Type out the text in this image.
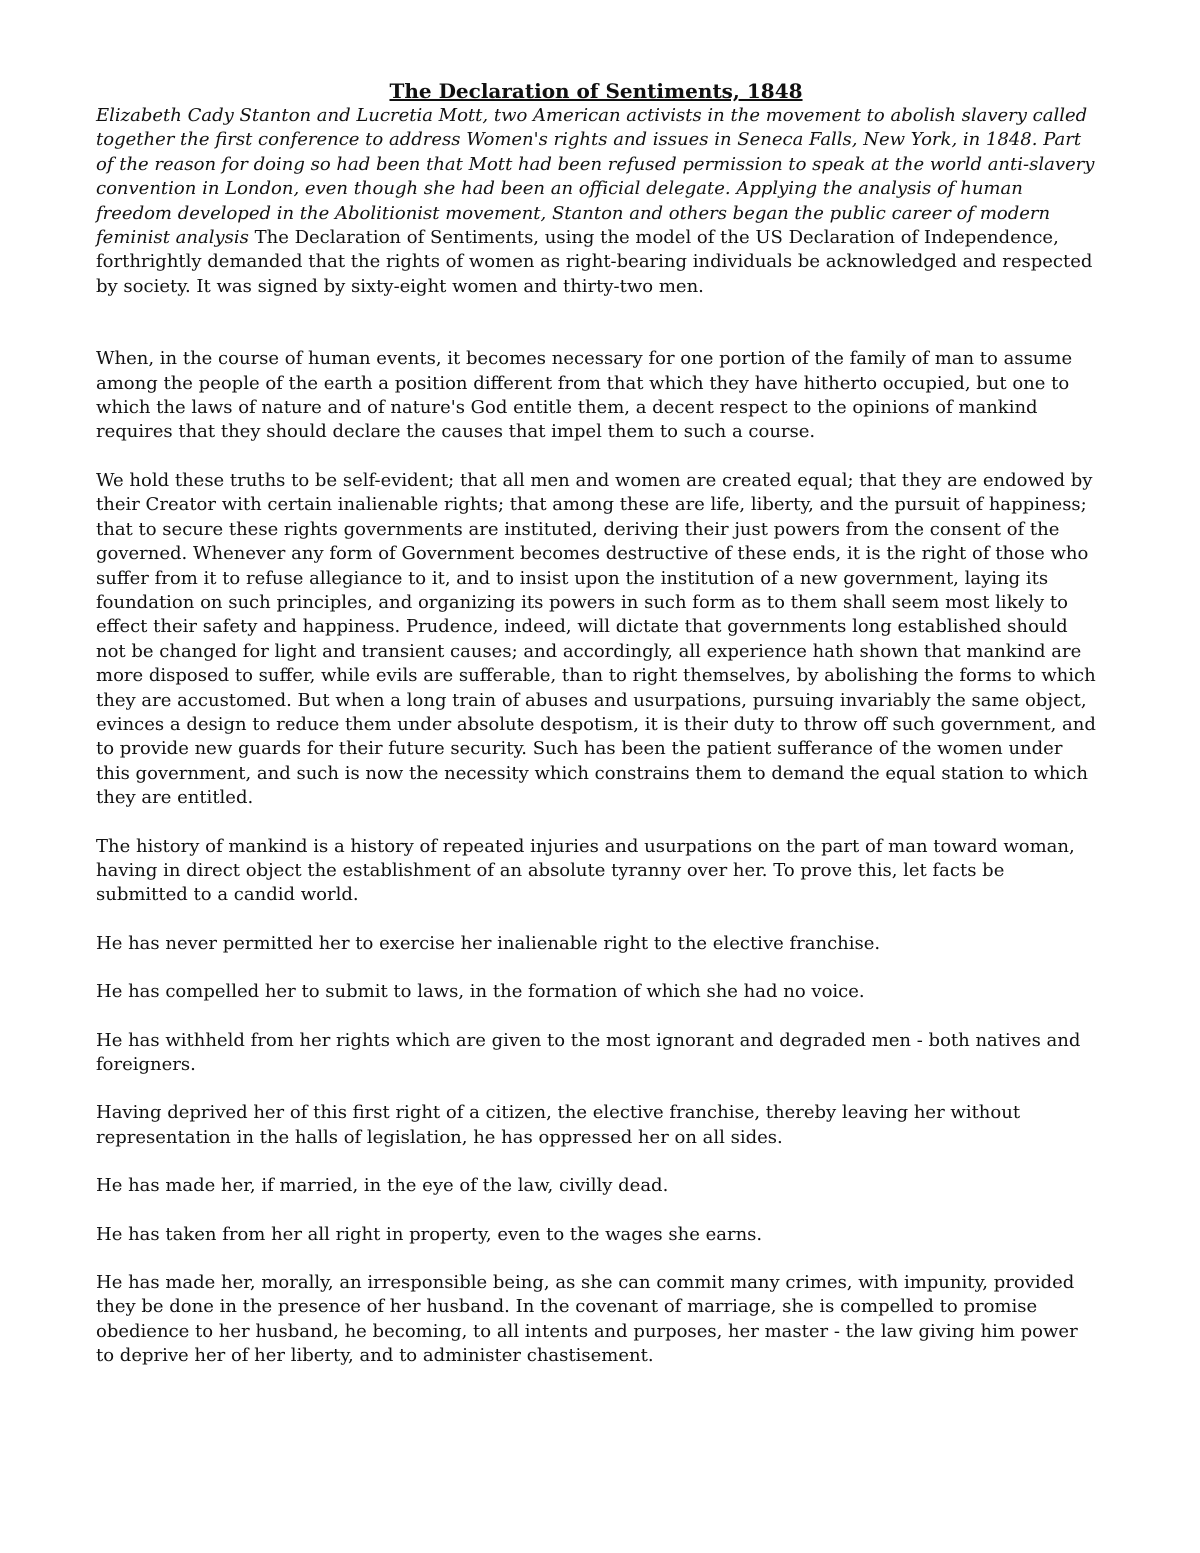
The Declaration of Sentiments, 1848

Elizabeth Cady Stanton and Lucretia Mott, two American activists in the movement to abolish slavery called together the first conference to address Women's rights and issues in Seneca Falls, New York, in 1848. Part of the reason for doing so had been that Mott had been refused permission to speak at the world anti-slavery convention in London, even though she had been an official delegate. Applying the analysis of human freedom developed in the Abolitionist movement, Stanton and others began the public career of modern feminist analysis The Declaration of Sentiments, using the model of the US Declaration of Independence, forthrightly demanded that the rights of women as right-bearing individuals be acknowledged and respected by society. It was signed by sixty-eight women and thirty-two men.

When, in the course of human events, it becomes necessary for one portion of the family of man to assume among the people of the earth a position different from that which they have hitherto occupied, but one to which the laws of nature and of nature's God entitle them, a decent respect to the opinions of mankind requires that they should declare the causes that impel them to such a course.

We hold these truths to be self-evident; that all men and women are created equal; that they are endowed by their Creator with certain inalienable rights; that among these are life, liberty, and the pursuit of happiness; that to secure these rights governments are instituted, deriving their just powers from the consent of the governed. Whenever any form of Government becomes destructive of these ends, it is the right of those who suffer from it to refuse allegiance to it, and to insist upon the institution of a new government, laying its foundation on such principles, and organizing its powers in such form as to them shall seem most likely to effect their safety and happiness. Prudence, indeed, will dictate that governments long established should not be changed for light and transient causes; and accordingly, all experience hath shown that mankind are more disposed to suffer, while evils are sufferable, than to right themselves, by abolishing the forms to which they are accustomed. But when a long train of abuses and usurpations, pursuing invariably the same object, evinces a design to reduce them under absolute despotism, it is their duty to throw off such government, and to provide new guards for their future security. Such has been the patient sufferance of the women under this government, and such is now the necessity which constrains them to demand the equal station to which they are entitled.

The history of mankind is a history of repeated injuries and usurpations on the part of man toward woman, having in direct object the establishment of an absolute tyranny over her. To prove this, let facts be submitted to a candid world.

He has never permitted her to exercise her inalienable right to the elective franchise.

He has compelled her to submit to laws, in the formation of which she had no voice.

He has withheld from her rights which are given to the most ignorant and degraded men - both natives and foreigners.

Having deprived her of this first right of a citizen, the elective franchise, thereby leaving her without representation in the halls of legislation, he has oppressed her on all sides.

He has made her, if married, in the eye of the law, civilly dead.

He has taken from her all right in property, even to the wages she earns.

He has made her, morally, an irresponsible being, as she can commit many crimes, with impunity, provided they be done in the presence of her husband. In the covenant of marriage, she is compelled to promise obedience to her husband, he becoming, to all intents and purposes, her master - the law giving him power to deprive her of her liberty, and to administer chastisement.
